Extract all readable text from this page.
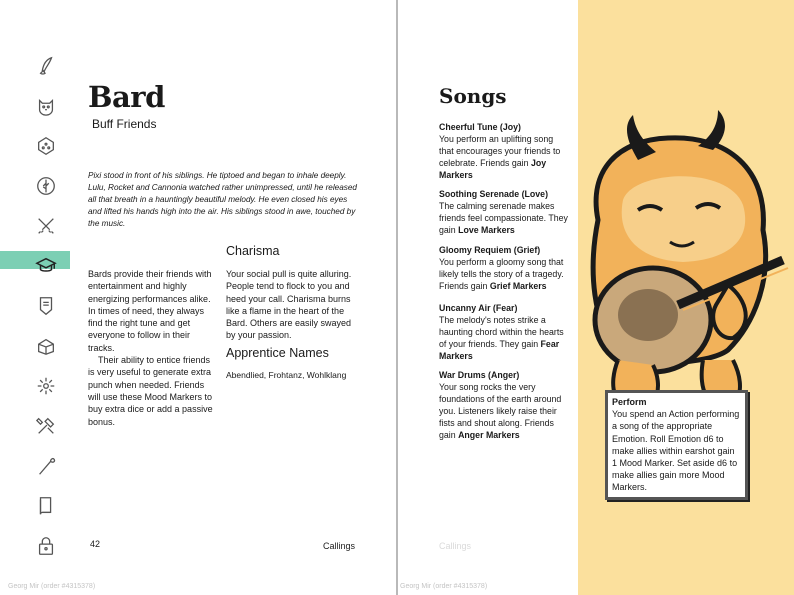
Bard
Buff Friends
Pixi stood in front of his siblings. He tiptoed and began to inhale deeply. Lulu, Rocket and Cannonia watched rather unimpressed, until he released all that breath in a hauntingly beautiful melody. He even closed his eyes and lifted his hands high into the air. His siblings stood in awe, touched by the music.

Bards provide their friends with entertainment and highly energizing performances alike. In times of need, they always find the right tune and get everyone to follow in their tracks.

Their ability to entice friends is very useful to generate extra punch when needed. Friends will use these Mood Markers to buy extra dice or add a passive bonus.

Charisma
Your social pull is quite alluring. People tend to flock to you and heed your call. Charisma burns like a flame in the heart of the Bard. Others are easily swayed by your passion.
Apprentice Names
Abendlied, Frohtanz, Wohlklang
42	Callings
Georg Mir (order #4315378)
Songs
Cheerful Tune (Joy)
You perform an uplifting song that encourages your friends to celebrate. Friends gain Joy Markers
Soothing Serenade (Love)
The calming serenade makes friends feel compassionate. They gain Love Markers
Gloomy Requiem (Grief)
You perform a gloomy song that likely tells the story of a tragedy. Friends gain Grief Markers
Uncanny Air (Fear)
The melody's notes strike a haunting chord within the hearts of your friends. They gain Fear Markers
War Drums (Anger)
Your song rocks the very foundations of the earth around you. Listeners likely raise their fists and shout along. Friends gain Anger Markers
Perform
You spend an Action performing a song of the appropriate Emotion. Roll Emotion d6 to make allies within earshot gain 1 Mood Marker. Set aside d6 to make allies gain more Mood Markers.
Callings
Georg Mir (order #4315378)
